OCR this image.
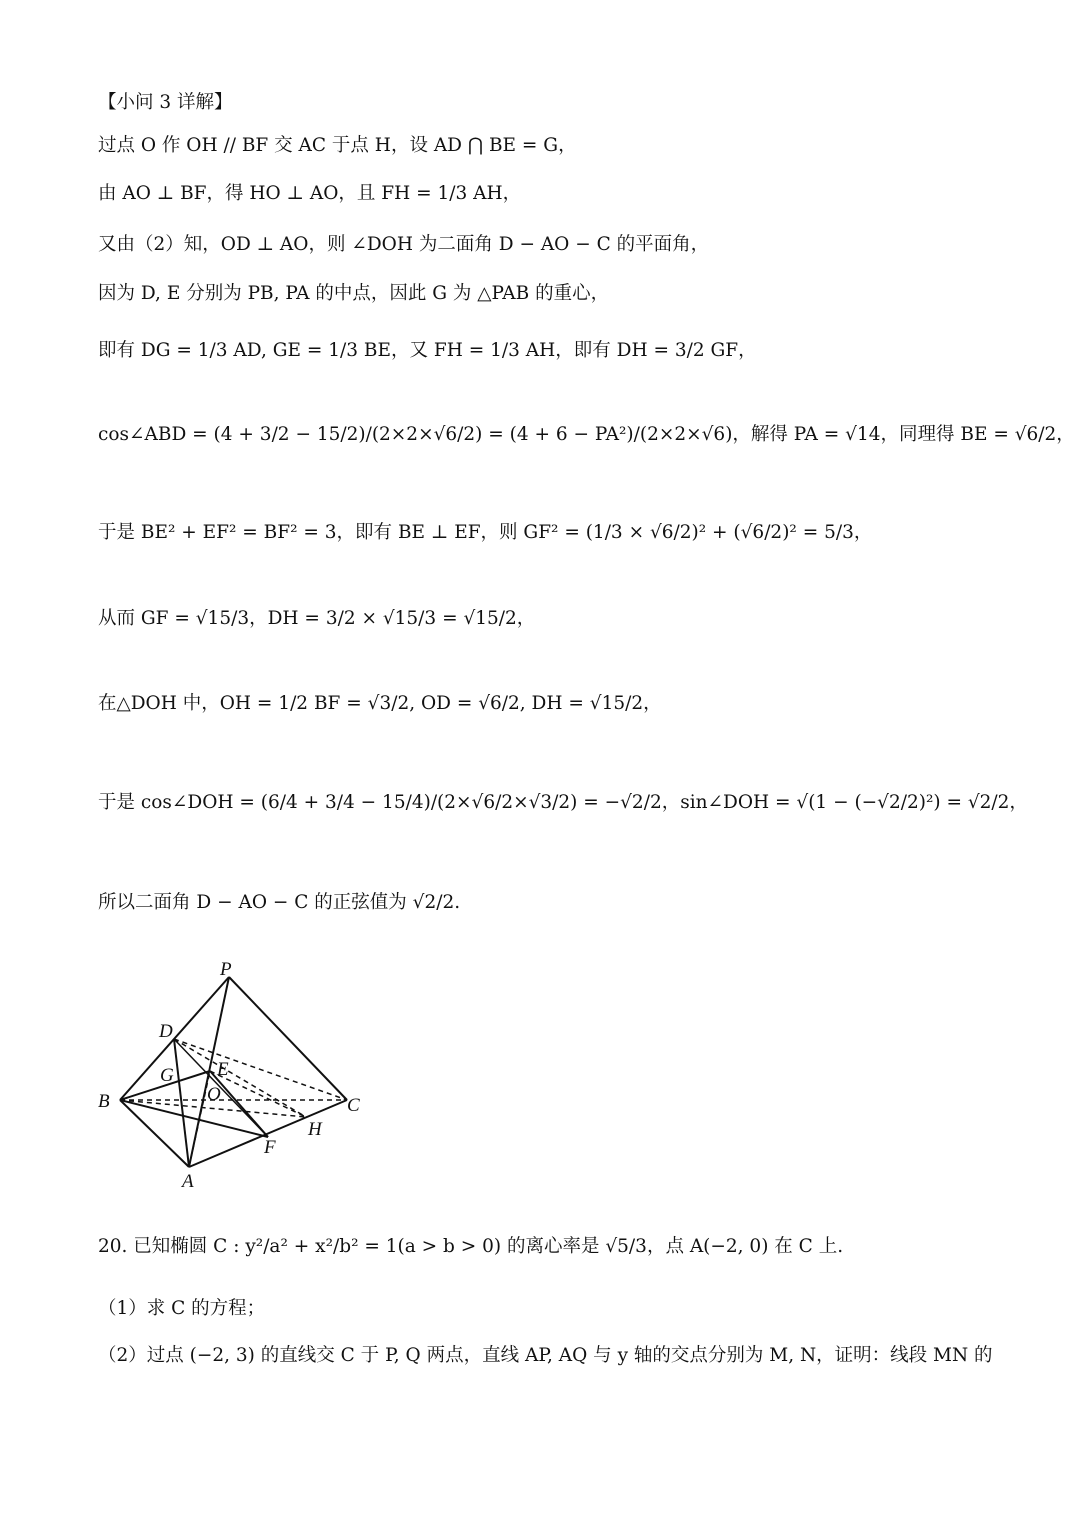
【小问 3 详解】
过点 O 作 OH // BF 交 AC 于点 H，设 AD ⋂ BE = G，
由 AO ⊥ BF，得 HO ⊥ AO，且 FH = 1/3 AH，
又由（2）知，OD ⊥ AO，则 ∠DOH 为二面角 D − AO − C 的平面角，
因为 D, E 分别为 PB, PA 的中点，因此 G 为 △PAB 的重心，
即有 DG = 1/3 AD, GE = 1/3 BE，又 FH = 1/3 AH，即有 DH = 3/2 GF，
cos∠ABD = (4 + 3/2 − 15/2)/(2×2×√6/2) = (4 + 6 − PA²)/(2×2×√6)，解得 PA = √14，同理得 BE = √6/2，
于是 BE² + EF² = BF² = 3，即有 BE ⊥ EF，则 GF² = (1/3 × √6/2)² + (√6/2)² = 5/3，
从而 GF = √15/3，DH = 3/2 × √15/3 = √15/2，
在△DOH 中，OH = 1/2 BF = √3/2, OD = √6/2, DH = √15/2，
于是 cos∠DOH = (6/4 + 3/4 − 15/4)/(2×√6/2×√3/2) = −√2/2，sin∠DOH = √(1 − (−√2/2)²) = √2/2，
所以二面角 D − AO − C 的正弦值为 √2/2.
P
D
E
G
O
B	C
H
F
A
20. 已知椭圆 C : y²/a² + x²/b² = 1(a > b > 0) 的离心率是 √5/3，点 A(−2, 0) 在 C 上.
（1）求 C 的方程；
（2）过点 (−2, 3) 的直线交 C 于 P, Q 两点，直线 AP, AQ 与 y 轴的交点分别为 M, N，证明：线段 MN 的
